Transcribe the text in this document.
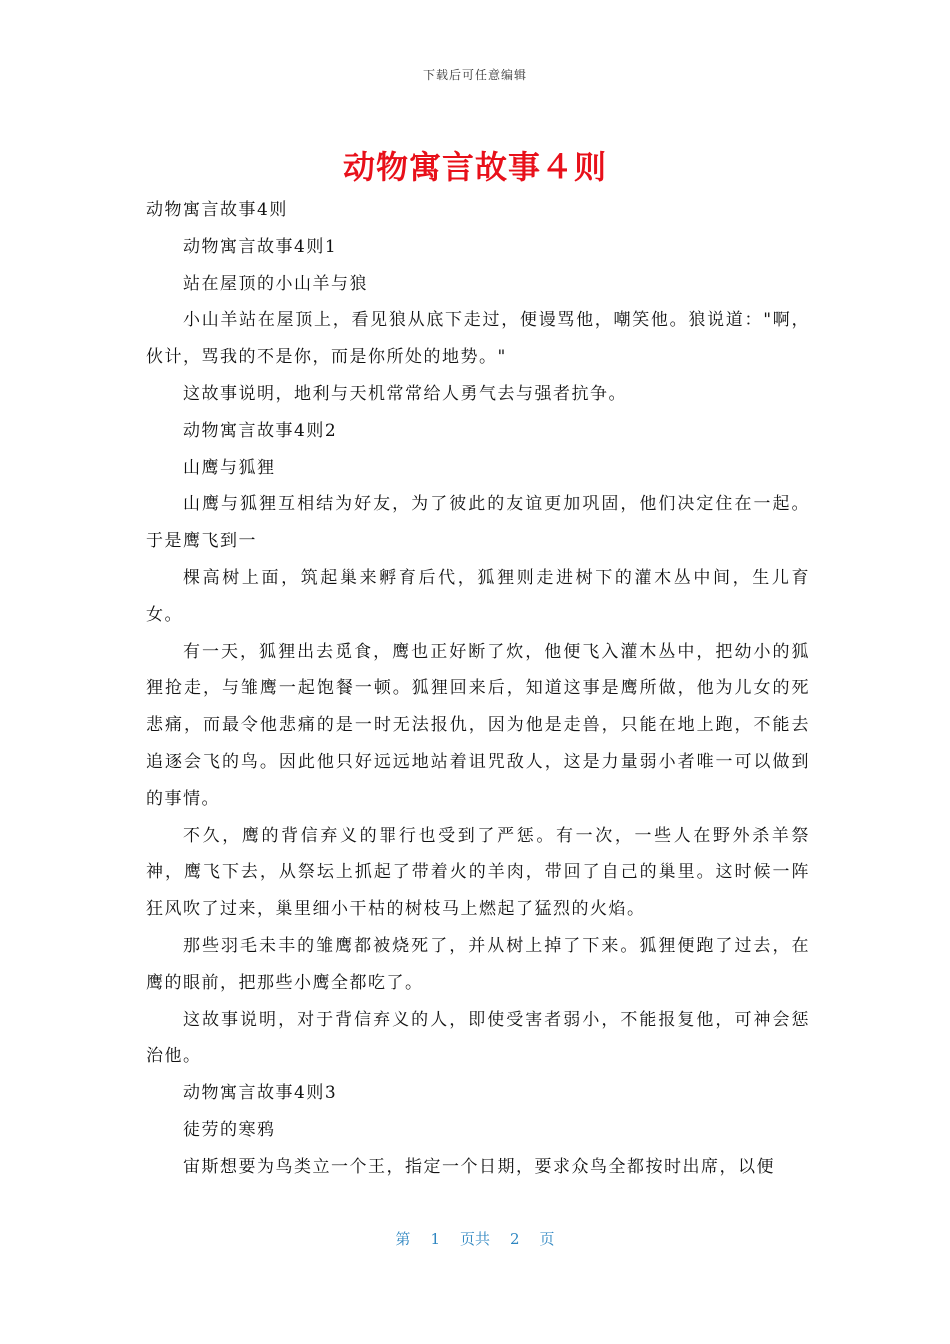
下载后可任意编辑
动物寓言故事４则

动物寓言故事4则

动物寓言故事4则1

站在屋顶的小山羊与狼

小山羊站在屋顶上，看见狼从底下走过，便谩骂他，嘲笑他。狼说道："啊，伙计，骂我的不是你，而是你所处的地势。"

这故事说明，地利与天机常常给人勇气去与强者抗争。

动物寓言故事4则2

山鹰与狐狸

山鹰与狐狸互相结为好友，为了彼此的友谊更加巩固，他们决定住在一起。于是鹰飞到一

棵高树上面，筑起巢来孵育后代，狐狸则走进树下的灌木丛中间，生儿育女。

有一天，狐狸出去觅食，鹰也正好断了炊，他便飞入灌木丛中，把幼小的狐狸抢走，与雏鹰一起饱餐一顿。狐狸回来后，知道这事是鹰所做，他为儿女的死悲痛，而最令他悲痛的是一时无法报仇，因为他是走兽，只能在地上跑，不能去追逐会飞的鸟。因此他只好远远地站着诅咒敌人，这是力量弱小者唯一可以做到的事情。

不久，鹰的背信弃义的罪行也受到了严惩。有一次，一些人在野外杀羊祭神，鹰飞下去，从祭坛上抓起了带着火的羊肉，带回了自己的巢里。这时候一阵狂风吹了过来，巢里细小干枯的树枝马上燃起了猛烈的火焰。

那些羽毛未丰的雏鹰都被烧死了，并从树上掉了下来。狐狸便跑了过去，在鹰的眼前，把那些小鹰全都吃了。

这故事说明，对于背信弃义的人，即使受害者弱小，不能报复他，可神会惩治他。

动物寓言故事4则3

徒劳的寒鸦

宙斯想要为鸟类立一个王，指定一个日期，要求众鸟全都按时出席，以便

第 1 页共 2 页
